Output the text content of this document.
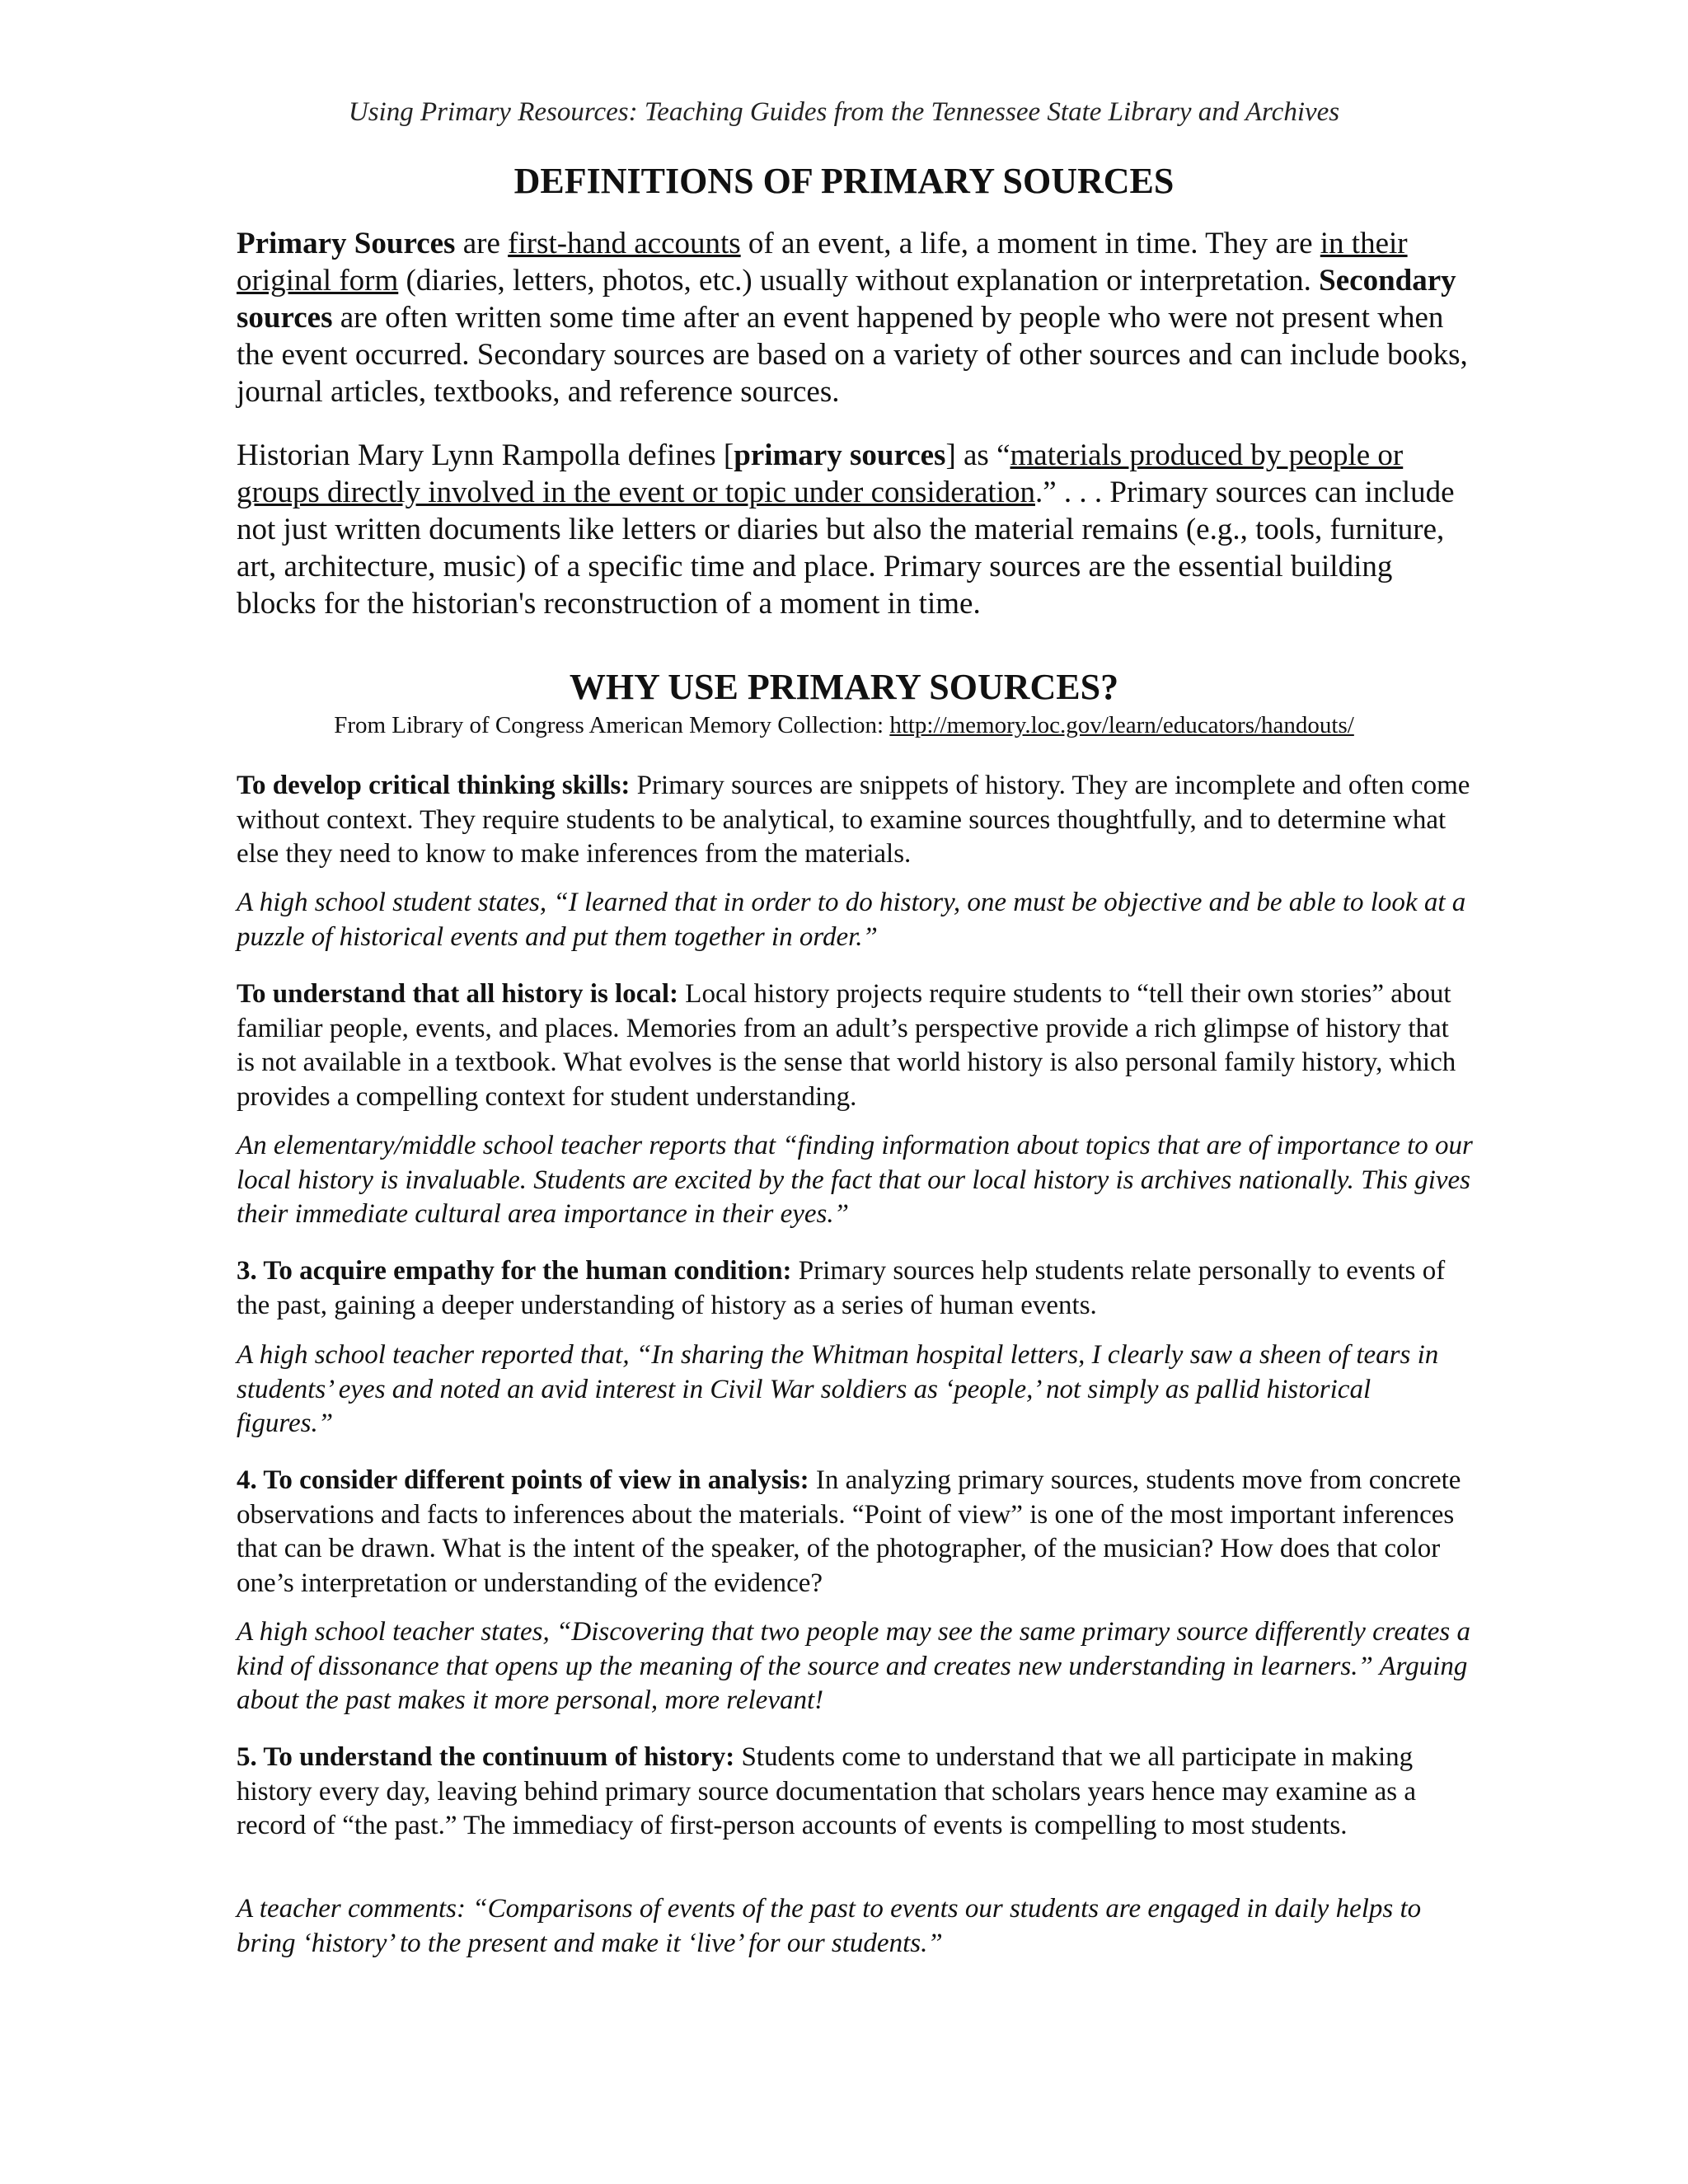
Using Primary Resources: Teaching Guides from the Tennessee State Library and Archives
DEFINITIONS OF PRIMARY SOURCES

Primary Sources are first-hand accounts of an event, a life, a moment in time. They are in their original form (diaries, letters, photos, etc.) usually without explanation or interpretation. Secondary sources are often written some time after an event happened by people who were not present when the event occurred. Secondary sources are based on a variety of other sources and can include books, journal articles, textbooks, and reference sources.

Historian Mary Lynn Rampolla defines [primary sources] as “materials produced by people or groups directly involved in the event or topic under consideration.” . . . Primary sources can include not just written documents like letters or diaries but also the material remains (e.g., tools, furniture, art, architecture, music) of a specific time and place. Primary sources are the essential building blocks for the historian's reconstruction of a moment in time.

WHY USE PRIMARY SOURCES?
From Library of Congress American Memory Collection: http://memory.loc.gov/learn/educators/handouts/

To develop critical thinking skills: Primary sources are snippets of history. They are incomplete and often come without context. They require students to be analytical, to examine sources thoughtfully, and to determine what else they need to know to make inferences from the materials.

A high school student states, “I learned that in order to do history, one must be objective and be able to look at a puzzle of historical events and put them together in order.”

To understand that all history is local: Local history projects require students to “tell their own stories” about familiar people, events, and places. Memories from an adult’s perspective provide a rich glimpse of history that is not available in a textbook. What evolves is the sense that world history is also personal family history, which provides a compelling context for student understanding.

An elementary/middle school teacher reports that “finding information about topics that are of importance to our local history is invaluable. Students are excited by the fact that our local history is archives nationally. This gives their immediate cultural area importance in their eyes.”

3. To acquire empathy for the human condition: Primary sources help students relate personally to events of the past, gaining a deeper understanding of history as a series of human events.

A high school teacher reported that, “In sharing the Whitman hospital letters, I clearly saw a sheen of tears in students’ eyes and noted an avid interest in Civil War soldiers as ‘people,’ not simply as pallid historical figures.”

4. To consider different points of view in analysis: In analyzing primary sources, students move from concrete observations and facts to inferences about the materials. “Point of view” is one of the most important inferences that can be drawn. What is the intent of the speaker, of the photographer, of the musician? How does that color one’s interpretation or understanding of the evidence?

A high school teacher states, “Discovering that two people may see the same primary source differently creates a kind of dissonance that opens up the meaning of the source and creates new understanding in learners.” Arguing about the past makes it more personal, more relevant!

5. To understand the continuum of history: Students come to understand that we all participate in making history every day, leaving behind primary source documentation that scholars years hence may examine as a record of “the past.” The immediacy of first-person accounts of events is compelling to most students.

A teacher comments: “Comparisons of events of the past to events our students are engaged in daily helps to bring ‘history’ to the present and make it ‘live’ for our students.”
